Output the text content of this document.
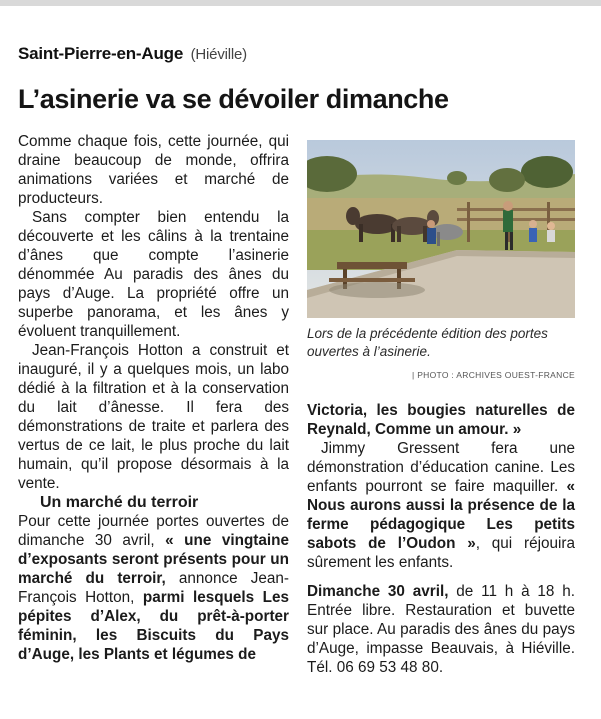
Saint-Pierre-en-Auge (Hiéville)
L’asinerie va se dévoiler dimanche

Comme chaque fois, cette journée, qui draine beaucoup de monde, offrira animations variées et marché de producteurs.

Sans compter bien entendu la découverte et les câlins à la trentaine d’ânes que compte l’asinerie dénommée Au paradis des ânes du pays d’Auge. La propriété offre un superbe panorama, et les ânes y évoluent tranquillement.

Jean-François Hotton a construit et inauguré, il y a quelques mois, un labo dédié à la filtration et à la conservation du lait d’ânesse. Il fera des démonstrations de traite et parlera des vertus de ce lait, le plus proche du lait humain, qu’il propose désormais à la vente.

Un marché du terroir

Pour cette journée portes ouvertes de dimanche 30 avril, « une vingtaine d’exposants seront présents pour un marché du terroir, annonce Jean-François Hotton, parmi lesquels Les pépites d’Alex, du prêt-à-porter féminin, les Biscuits du Pays d’Auge, les Plants et légumes de

Lors de la précédente édition des portes ouvertes à l’asinerie.
| PHOTO : ARCHIVES OUEST-FRANCE

Victoria, les bougies naturelles de Reynald, Comme un amour. »

Jimmy Gressent fera une démonstration d’éducation canine. Les enfants pourront se faire maquiller. « Nous aurons aussi la présence de la ferme pédagogique Les petits sabots de l’Oudon », qui réjouira sûrement les enfants.

Dimanche 30 avril, de 11 h à 18 h. Entrée libre. Restauration et buvette sur place. Au paradis des ânes du pays d’Auge, impasse Beauvais, à Hiéville. Tél. 06 69 53 48 80.
